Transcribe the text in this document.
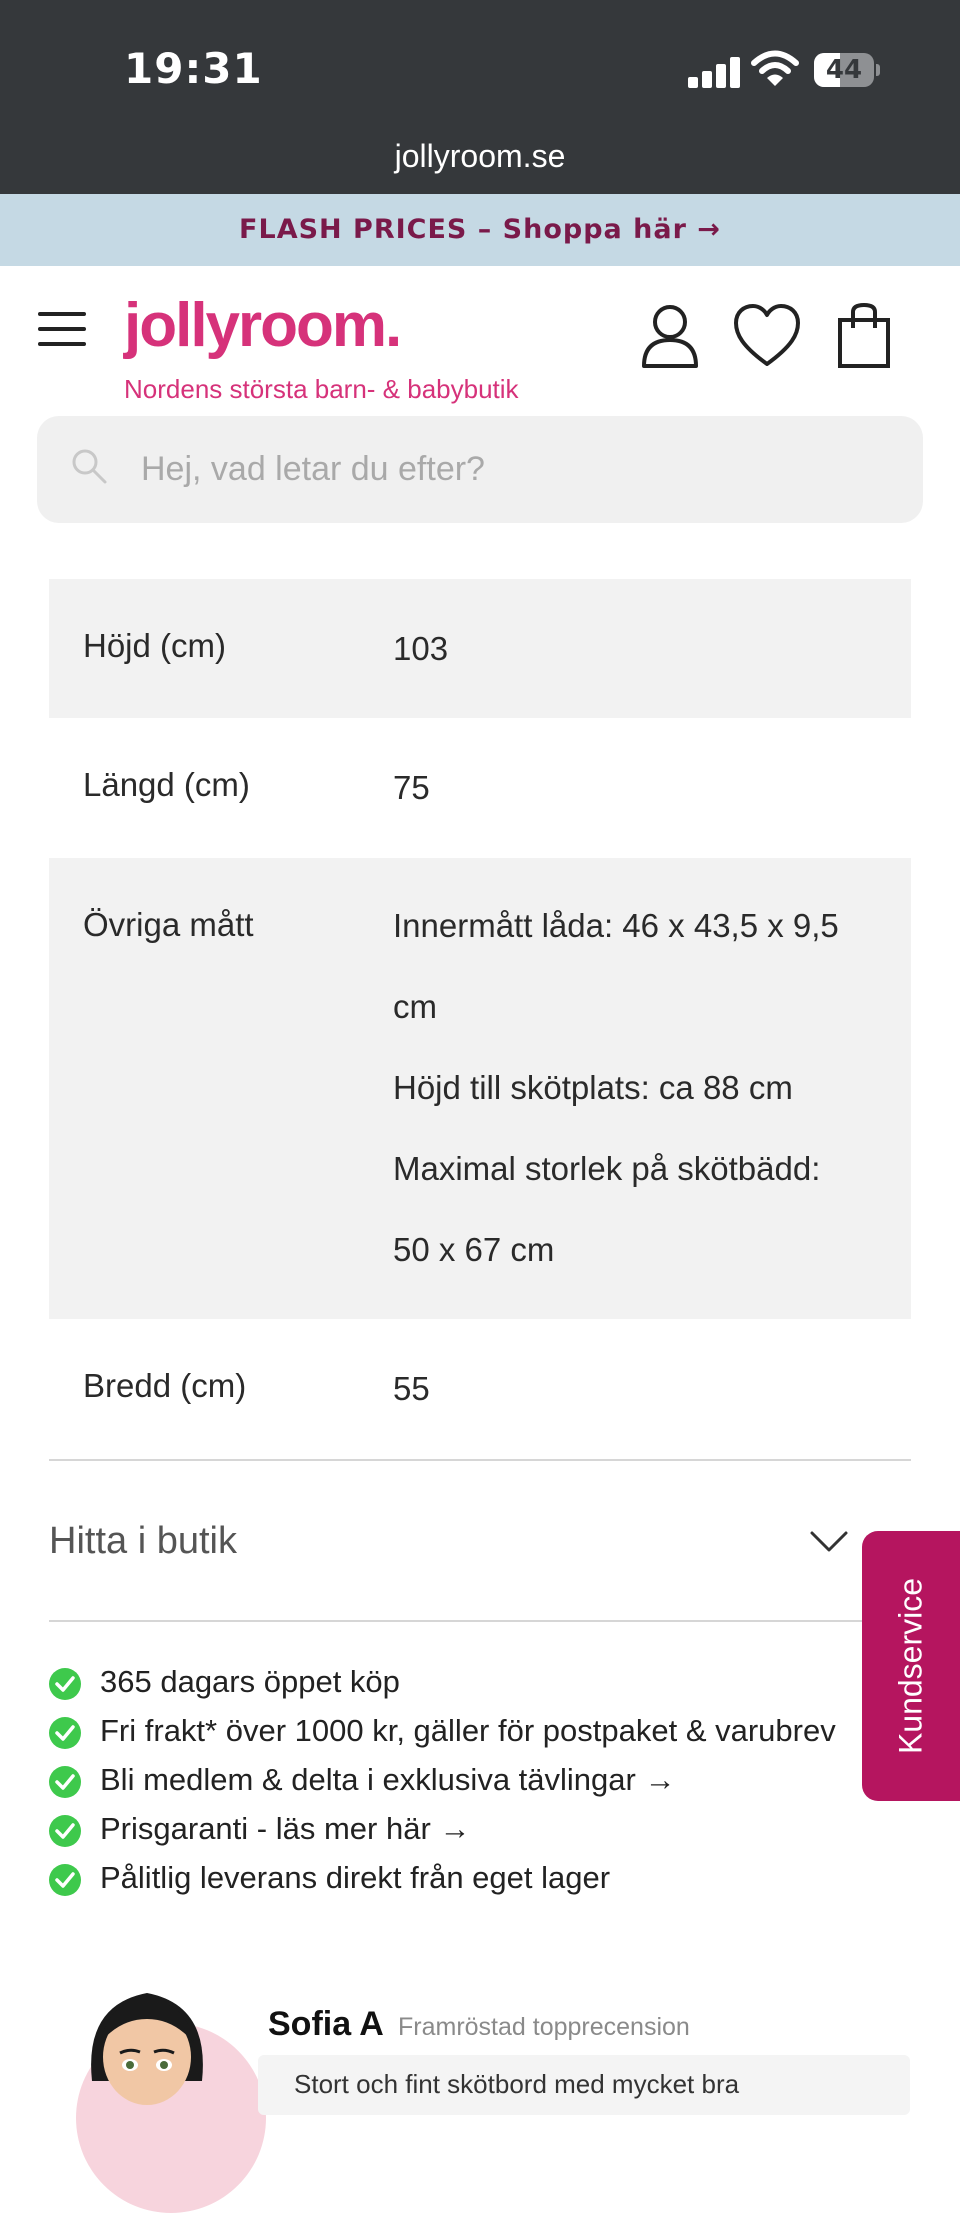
19:31	44
jollyroom.se
FLASH PRICES – Shoppa här →
jollyroom.
Nordens största barn- & babybutik
Hej, vad letar du efter?
Höjd (cm)	103
Längd (cm)	75
Övriga mått	Innermått låda: 46 x 43,5 x 9,5
cm
Höjd till skötplats: ca 88 cm
Maximal storlek på skötbädd:
50 x 67 cm
Bredd (cm)	55
Hitta i butik
365 dagars öppet köp
Fri frakt* över 1000 kr, gäller för postpaket & varubrev
Bli medlem & delta i exklusiva tävlingar →
Prisgaranti - läs mer här →
Pålitlig leverans direkt från eget lager
Kundservice
Sofia A Framröstad topprecension
Stort och fint skötbord med mycket bra
